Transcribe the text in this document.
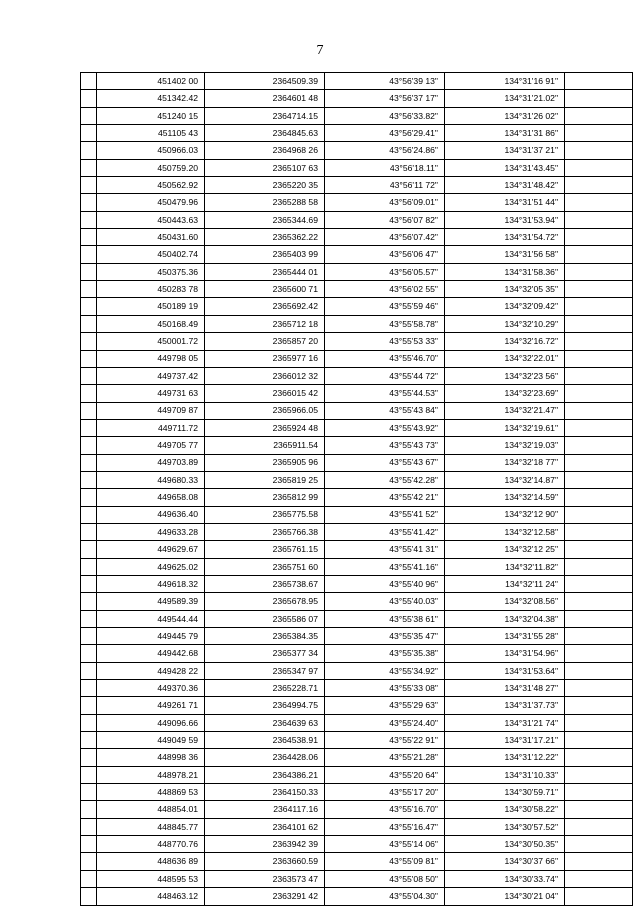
7
	451402 00	2364509.39	43°56'39 13"	134°31'16 91"	
	451342.42	2364601 48	43°56'37 17"	134°31'21.02"	
	451240 15	2364714.15	43°56'33.82"	134°31'26 02"	
	451105 43	2364845.63	43°56'29.41"	134°31'31 86"	
	450966.03	2364968 26	43°56'24.86"	134°31'37 21"	
	450759.20	2365107 63	43°56'18.11"	134°31'43.45"	
	450562.92	2365220 35	43°56'11 72"	134°31'48.42"	
	450479.96	2365288 58	43°56'09.01"	134°31'51 44"	
	450443.63	2365344.69	43°56'07 82"	134°31'53.94"	
	450431.60	2365362.22	43°56'07.42"	134°31'54.72"	
	450402.74	2365403 99	43°56'06 47"	134°31'56 58"	
	450375.36	2365444 01	43°56'05.57"	134°31'58.36"	
	450283 78	2365600 71	43°56'02 55"	134°32'05 35"	
	450189 19	2365692.42	43°55'59 46"	134°32'09.42"	
	450168.49	2365712 18	43°55'58.78"	134°32'10.29"	
	450001.72	2365857 20	43°55'53 33"	134°32'16.72"	
	449798 05	2365977 16	43°55'46.70"	134°32'22.01"	
	449737.42	2366012 32	43°55'44 72"	134°32'23 56"	
	449731 63	2366015 42	43°55'44.53"	134°32'23.69"	
	449709 87	2365966.05	43°55'43 84"	134°32'21.47"	
	449711.72	2365924 48	43°55'43.92"	134°32'19.61"	
	449705 77	2365911.54	43°55'43 73"	134°32'19.03"	
	449703.89	2365905 96	43°55'43 67"	134°32'18 77"	
	449680.33	2365819 25	43°55'42.28"	134°32'14.87"	
	449658.08	2365812 99	43°55'42 21"	134°32'14.59"	
	449636.40	2365775.58	43°55'41 52"	134°32'12 90"	
	449633.28	2365766.38	43°55'41.42"	134°32'12.58"	
	449629.67	2365761.15	43°55'41 31"	134°32'12 25"	
	449625.02	2365751 60	43°55'41.16"	134°32'11.82"	
	449618.32	2365738.67	43°55'40 96"	134°32'11 24"	
	449589.39	2365678.95	43°55'40.03"	134°32'08.56"	
	449544.44	2365586 07	43°55'38 61"	134°32'04.38"	
	449445 79	2365384.35	43°55'35 47"	134°31'55 28"	
	449442.68	2365377 34	43°55'35.38"	134°31'54.96"	
	449428 22	2365347 97	43°55'34.92"	134°31'53.64"	
	449370.36	2365228.71	43°55'33 08"	134°31'48 27"	
	449261 71	2364994.75	43°55'29 63"	134°31'37.73"	
	449096.66	2364639 63	43°55'24.40"	134°31'21 74"	
	449049 59	2364538.91	43°55'22 91"	134°31'17.21"	
	448998 36	2364428.06	43°55'21.28"	134°31'12.22"	
	448978.21	2364386.21	43°55'20 64"	134°31'10.33"	
	448869 53	2364150.33	43°55'17 20"	134°30'59.71"	
	448854.01	2364117.16	43°55'16.70"	134°30'58.22"	
	448845.77	2364101 62	43°55'16.47"	134°30'57.52"	
	448770.76	2363942 39	43°55'14 06"	134°30'50.35"	
	448636 89	2363660.59	43°55'09 81"	134°30'37 66"	
	448595 53	2363573 47	43°55'08 50"	134°30'33.74"	
	448463.12	2363291 42	43°55'04.30"	134°30'21 04"	
